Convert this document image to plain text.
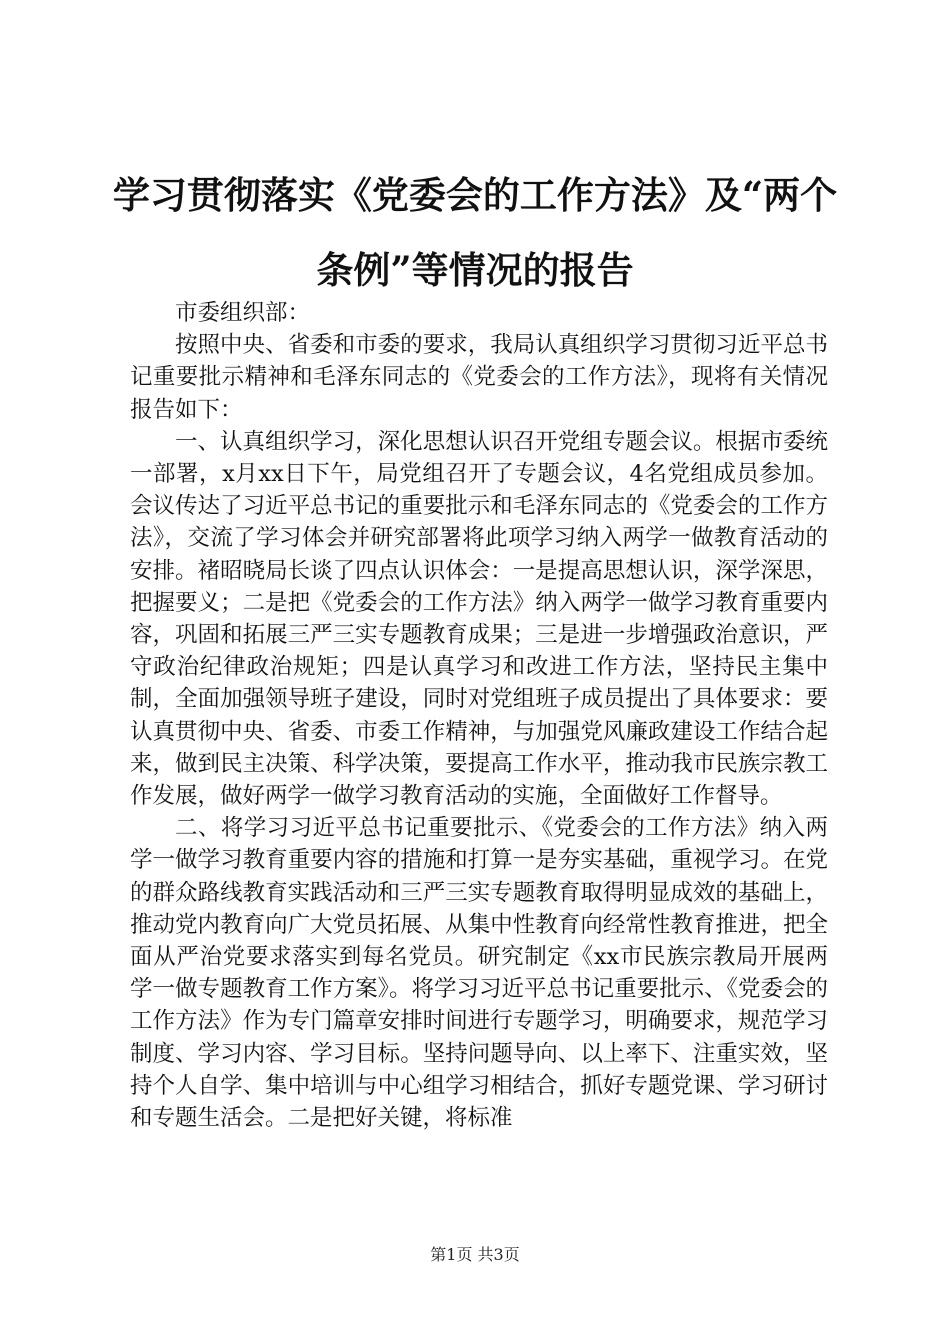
学习贯彻落实《党委会的工作方法》及“两个条例”等情况的报告

市委组织部：

按照中央、省委和市委的要求，我局认真组织学习贯彻习近平总书记重要批示精神和毛泽东同志的《党委会的工作方法》，现将有关情况报告如下：

一、认真组织学习，深化思想认识召开党组专题会议。根据市委统一部署，x月xx日下午，局党组召开了专题会议，4名党组成员参加。会议传达了习近平总书记的重要批示和毛泽东同志的《党委会的工作方法》，交流了学习体会并研究部署将此项学习纳入两学一做教育活动的安排。褚昭晓局长谈了四点认识体会：一是提高思想认识，深学深思，把握要义；二是把《党委会的工作方法》纳入两学一做学习教育重要内容，巩固和拓展三严三实专题教育成果；三是进一步增强政治意识，严守政治纪律政治规矩；四是认真学习和改进工作方法，坚持民主集中制，全面加强领导班子建设，同时对党组班子成员提出了具体要求：要认真贯彻中央、省委、市委工作精神，与加强党风廉政建设工作结合起来，做到民主决策、科学决策，要提高工作水平，推动我市民族宗教工作发展，做好两学一做学习教育活动的实施，全面做好工作督导。

二、将学习习近平总书记重要批示、《党委会的工作方法》纳入两学一做学习教育重要内容的措施和打算一是夯实基础，重视学习。在党的群众路线教育实践活动和三严三实专题教育取得明显成效的基础上，推动党内教育向广大党员拓展、从集中性教育向经常性教育推进，把全面从严治党要求落实到每名党员。研究制定《xx市民族宗教局开展两学一做专题教育工作方案》。将学习习近平总书记重要批示、《党委会的工作方法》作为专门篇章安排时间进行专题学习，明确要求，规范学习制度、学习内容、学习目标。坚持问题导向、以上率下、注重实效，坚持个人自学、集中培训与中心组学习相结合，抓好专题党课、学习研讨和专题生活会。二是把好关键，将标准

第1页 共3页
